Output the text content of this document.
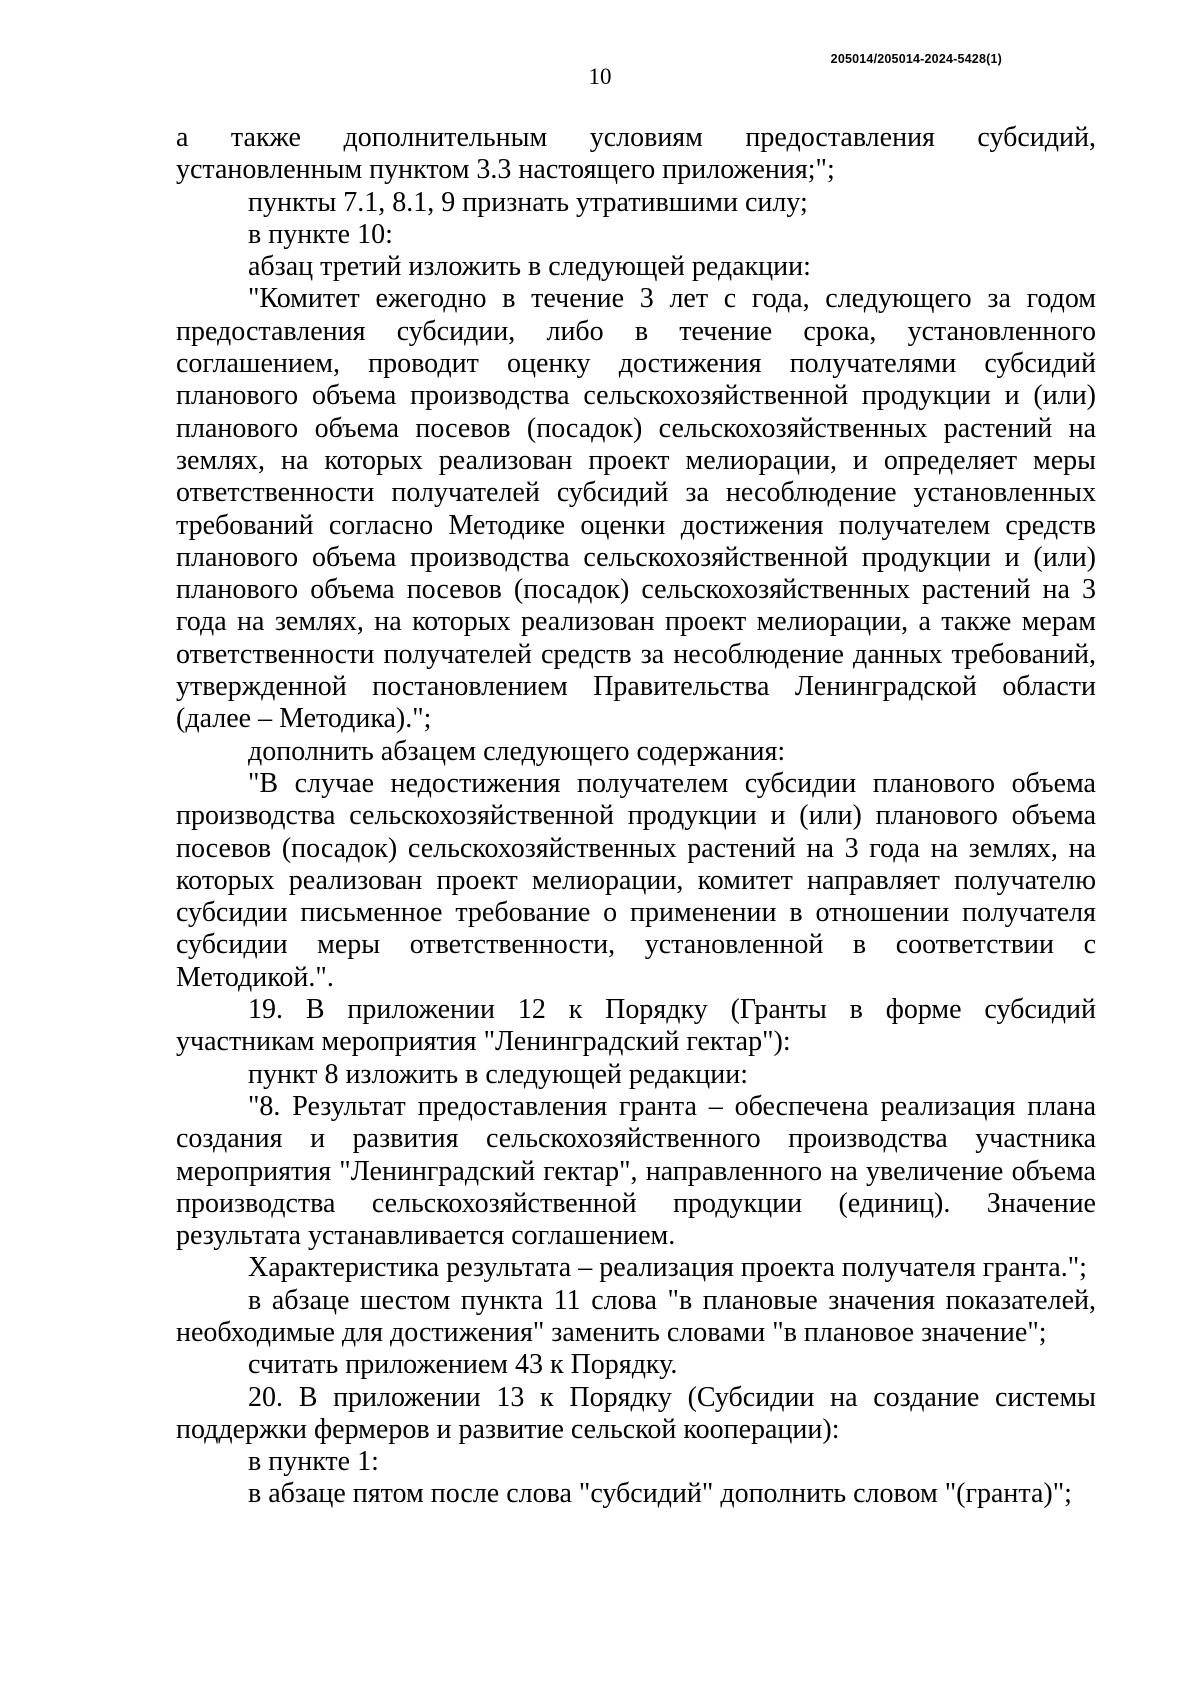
205014/205014-2024-5428(1)
10

а также дополнительным условиям предоставления субсидий, установленным пунктом 3.3 настоящего приложения;";

пункты 7.1, 8.1, 9 признать утратившими силу;

в пункте 10:

абзац третий изложить в следующей редакции:

"Комитет ежегодно в течение 3 лет с года, следующего за годом предоставления субсидии, либо в течение срока, установленного соглашением, проводит оценку достижения получателями субсидий планового объема производства сельскохозяйственной продукции и (или) планового объема посевов (посадок) сельскохозяйственных растений на землях, на которых реализован проект мелиорации, и определяет меры ответственности получателей субсидий за несоблюдение установленных требований согласно Методике оценки достижения получателем средств планового объема производства сельскохозяйственной продукции и (или) планового объема посевов (посадок) сельскохозяйственных растений на 3 года на землях, на которых реализован проект мелиорации, а также мерам ответственности получателей средств за несоблюдение данных требований, утвержденной постановлением Правительства Ленинградской области (далее – Методика).";

дополнить абзацем следующего содержания:

"В случае недостижения получателем субсидии планового объема производства сельскохозяйственной продукции и (или) планового объема посевов (посадок) сельскохозяйственных растений на 3 года на землях, на которых реализован проект мелиорации, комитет направляет получателю субсидии письменное требование о применении в отношении получателя субсидии меры ответственности, установленной в соответствии с Методикой.".

19. В приложении 12 к Порядку (Гранты в форме субсидий участникам мероприятия "Ленинградский гектар"):

пункт 8 изложить в следующей редакции:

"8. Результат предоставления гранта – обеспечена реализация плана создания и развития сельскохозяйственного производства участника мероприятия "Ленинградский гектар", направленного на увеличение объема производства сельскохозяйственной продукции (единиц). Значение результата устанавливается соглашением.

Характеристика результата – реализация проекта получателя гранта.";

в абзаце шестом пункта 11 слова "в плановые значения показателей, необходимые для достижения" заменить словами "в плановое значение";

считать приложением 43 к Порядку.

20. В приложении 13 к Порядку (Субсидии на создание системы поддержки фермеров и развитие сельской кооперации):

в пункте 1:

в абзаце пятом после слова "субсидий" дополнить словом "(гранта)";
